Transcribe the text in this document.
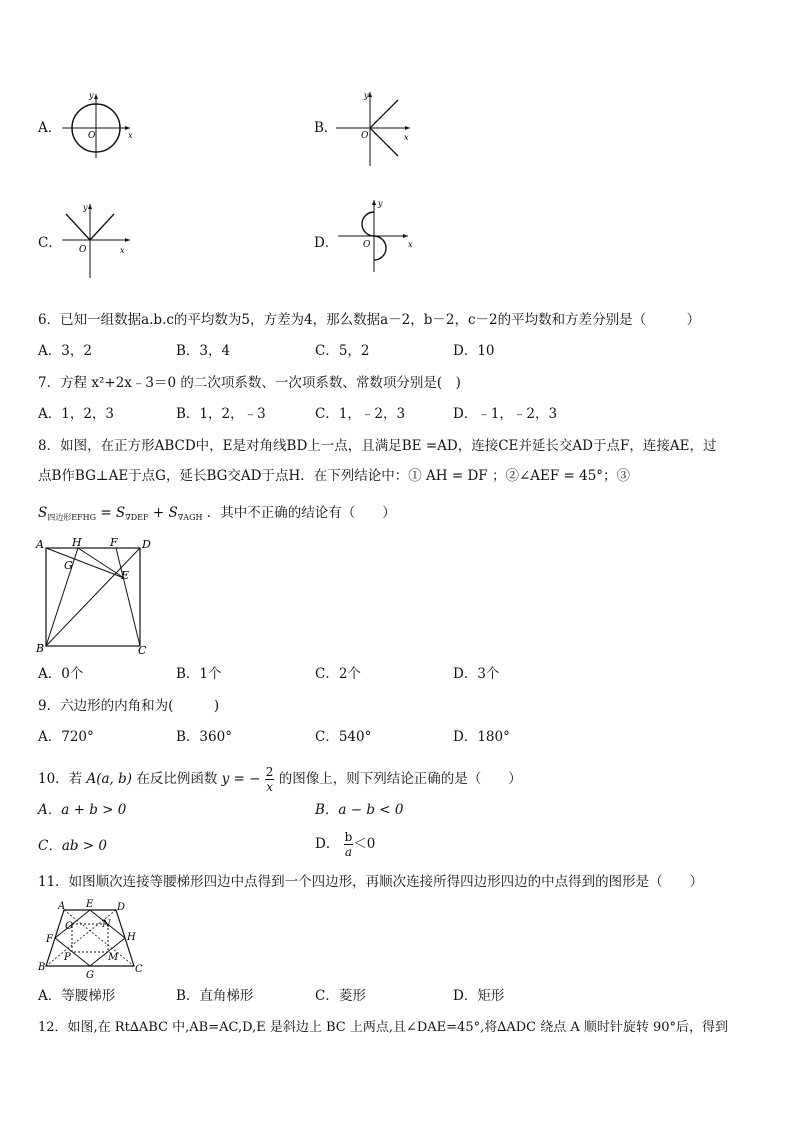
A．
y
x
O	B．
y
x
O
C．
y
x
O	D．
y
x
O
6．已知一组数据a.b.c的平均数为5，方差为4，那么数据a－2，b－2，c－2的平均数和方差分别是（　　　）
A．3，2	B．3，4	C．5，2	D．10
7．方程 x²+2x﹣3＝0 的二次项系数、一次项系数、常数项分别是(　)
A．1，2，3	B．1，2，﹣3	C．1，﹣2，3	D．﹣1，﹣2，3
8．如图，在正方形ABCD中，E是对角线BD上一点，且满足BE =AD，连接CE并延长交AD于点F，连接AE，过
点B作BG⊥AE于点G，延长BG交AD于点H．在下列结论中：① AH = DF ；②∠AEF = 45°；③
$S_{四边形EFHG} = S_{\nabla DEF} + S_{\nabla AGH}$ ．其中不正确的结论有（　　）
A	H	F D
G
E
B	C
A．0个	B．1个	C．2个	D．3个
9．六边形的内角和为(　　　)
A．720°	B．360°	C．540°	D．180°
10．若 A(a, b) 在反比例函数 y = − $\frac{2}{x}$ 的图像上，则下列结论正确的是（　　）
A．a + b > 0	B．a − b < 0
C．ab > 0	D． $\frac{b}{a} <0$
11．如图顺次连接等腰梯形四边中点得到一个四边形，再顺次连接所得四边形四边的中点得到的图形是（　　）
A E D
O	N
F	H
P	M
B
G
C
A．等腰梯形	B．直角梯形	C．菱形	D．矩形
12．如图,在 Rt∆ABC 中,AB=AC,D,E 是斜边上 BC 上两点,且∠DAE=45°,将∆ADC 绕点 A 顺时针旋转 90°后，得到
